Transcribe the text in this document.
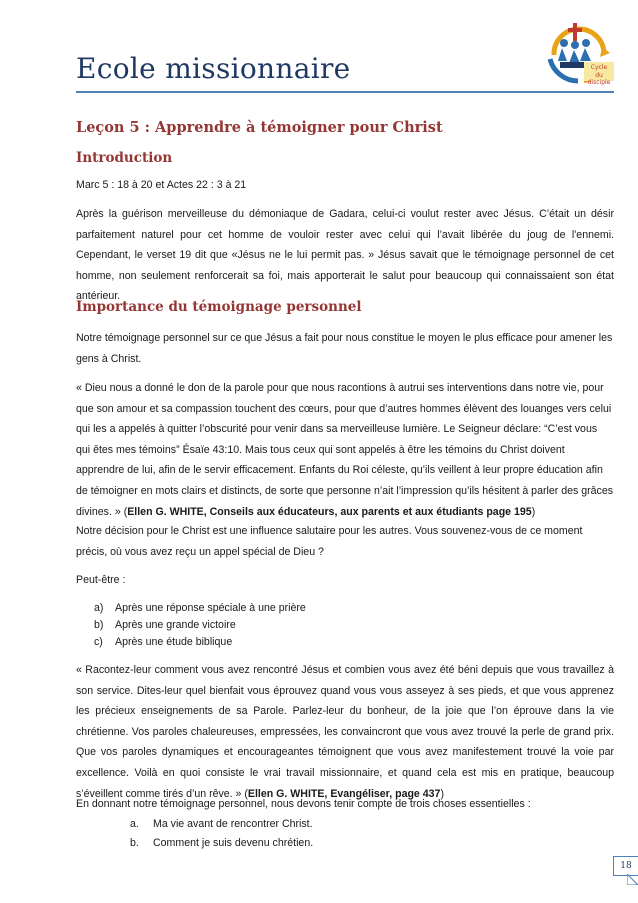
Ecole missionnaire	Cycle
du disciple
Leçon 5 : Apprendre à témoigner pour Christ
Introduction
Marc 5 : 18 à 20 et Actes 22 : 3 à 21
Après la guérison merveilleuse du démoniaque de Gadara, celui-ci voulut rester avec Jésus. C’était un désir parfaitement naturel pour cet homme de vouloir rester avec celui qui l’avait libérée du joug de l'ennemi. Cependant, le verset 19 dit que «Jésus ne le lui permit pas. » Jésus savait que le témoignage personnel de cet homme, non seulement renforcerait sa foi, mais apporterait le salut pour beaucoup qui connaissaient son état antérieur.
Importance du témoignage personnel
Notre témoignage personnel sur ce que Jésus a fait pour nous constitue le moyen le plus efficace pour amener les gens à Christ.
« Dieu nous a donné le don de la parole pour que nous racontions à autrui ses interventions dans notre vie, pour que son amour et sa compassion touchent des cœurs, pour que d’autres hommes élèvent des louanges vers celui qui les a appelés à quitter l’obscurité pour venir dans sa merveilleuse lumière. Le Seigneur déclare: “C’est vous qui êtes mes témoins” Ésaïe 43:10. Mais tous ceux qui sont appelés à être les témoins du Christ doivent apprendre de lui, afin de le servir efficacement. Enfants du Roi céleste, qu’ils veillent à leur propre éducation afin de témoigner en mots clairs et distincts, de sorte que personne n’ait l’impression qu’ils hésitent à parler des grâces divines. » (Ellen G. WHITE, Conseils aux éducateurs, aux parents et aux étudiants page 195)
Notre décision pour le Christ est une influence salutaire pour les autres. Vous souvenez-vous de ce moment précis, où vous avez reçu un appel spécial de Dieu ?
Peut-être :
a) Après une réponse spéciale à une prière
b) Après une grande victoire
c) Après une étude biblique
« Racontez-leur comment vous avez rencontré Jésus et combien vous avez été béni depuis que vous travaillez à son service. Dites-leur quel bienfait vous éprouvez quand vous vous asseyez à ses pieds, et que vous apprenez les précieux enseignements de sa Parole. Parlez-leur du bonheur, de la joie que l’on éprouve dans la vie chrétienne. Vos paroles chaleureuses, empressées, les convaincront que vous avez trouvé la perle de grand prix. Que vos paroles dynamiques et encourageantes témoignent que vous avez manifestement trouvé la voie par excellence. Voilà en quoi consiste le vrai travail missionnaire, et quand cela est mis en pratique, beaucoup s’éveillent comme tirés d’un rêve. » (Ellen G. WHITE, Evangéliser, page 437)
En donnant notre témoignage personnel, nous devons tenir compte de trois choses essentielles :
a. Ma vie avant de rencontrer Christ.
b. Comment je suis devenu chrétien.
18
